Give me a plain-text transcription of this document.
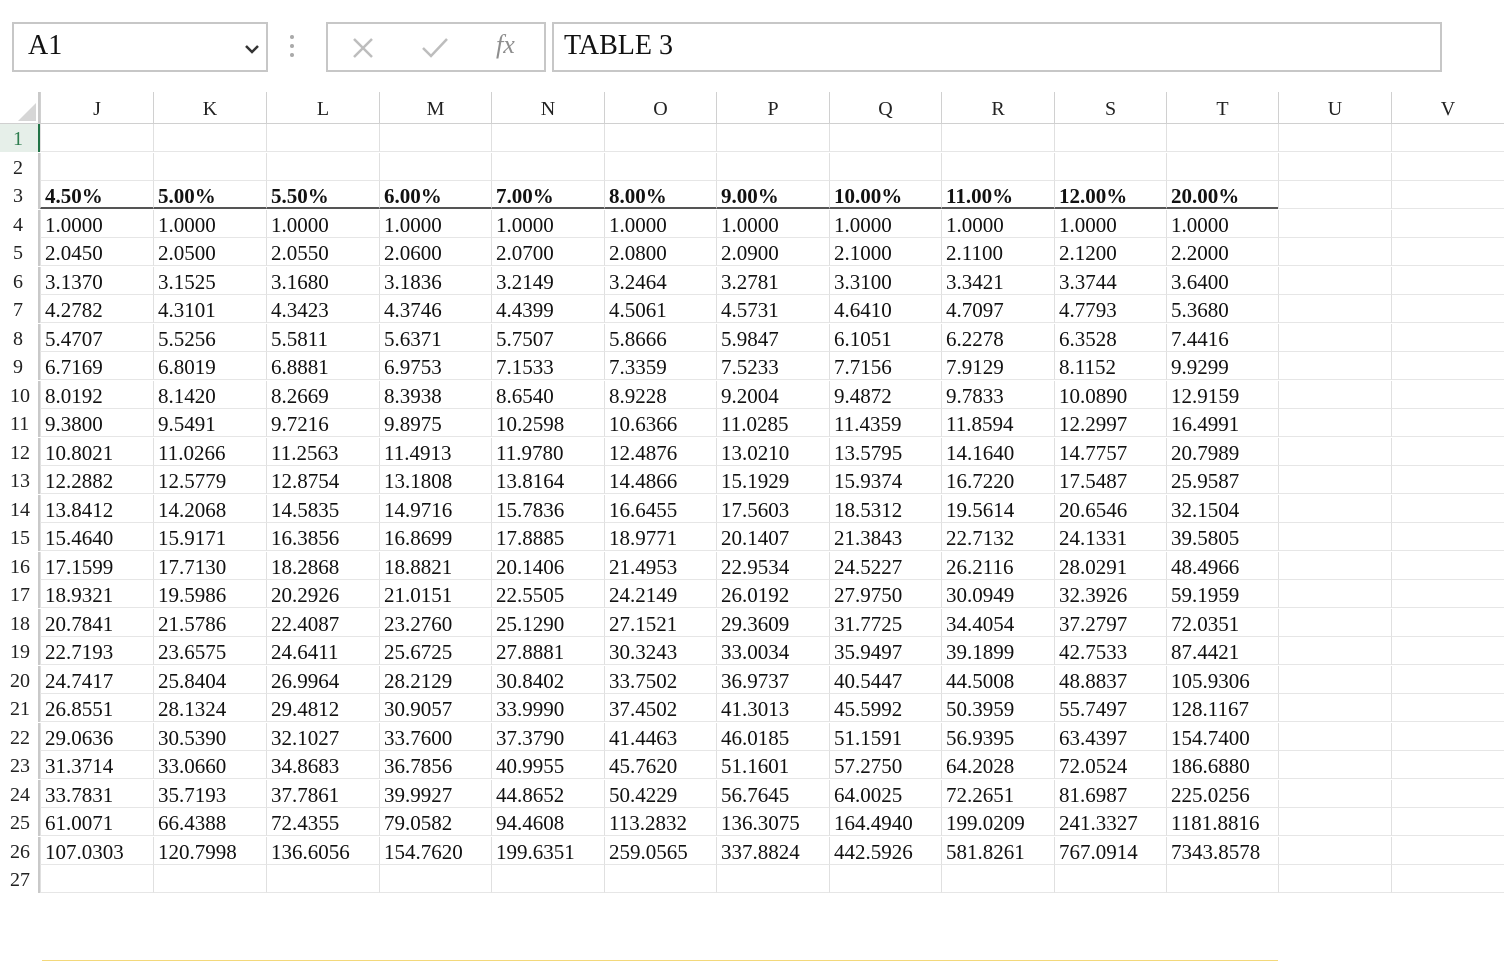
A1	fx TABLE 3
J	K	L	M	N	O	P	Q	R	S	T	U	V
1
2
3	4.50%	5.00%	5.50%	6.00%	7.00%	8.00%	9.00%	10.00%	11.00%	12.00%	20.00%
4	1.0000	1.0000	1.0000	1.0000	1.0000	1.0000	1.0000	1.0000	1.0000	1.0000	1.0000
5	2.0450	2.0500	2.0550	2.0600	2.0700	2.0800	2.0900	2.1000	2.1100	2.1200	2.2000
6	3.1370	3.1525	3.1680	3.1836	3.2149	3.2464	3.2781	3.3100	3.3421	3.3744	3.6400
7	4.2782	4.3101	4.3423	4.3746	4.4399	4.5061	4.5731	4.6410	4.7097	4.7793	5.3680
8	5.4707	5.5256	5.5811	5.6371	5.7507	5.8666	5.9847	6.1051	6.2278	6.3528	7.4416
9	6.7169	6.8019	6.8881	6.9753	7.1533	7.3359	7.5233	7.7156	7.9129	8.1152	9.9299
10 8.0192	8.1420	8.2669	8.3938	8.6540	8.9228	9.2004	9.4872	9.7833	10.0890	12.9159
11 9.3800	9.5491	9.7216	9.8975	10.2598	10.6366	11.0285	11.4359	11.8594	12.2997	16.4991
12 10.8021	11.0266	11.2563	11.4913	11.9780	12.4876	13.0210	13.5795	14.1640	14.7757	20.7989
13 12.2882	12.5779	12.8754	13.1808	13.8164	14.4866	15.1929	15.9374	16.7220	17.5487	25.9587
14 13.8412	14.2068	14.5835	14.9716	15.7836	16.6455	17.5603	18.5312	19.5614	20.6546	32.1504
15 15.4640	15.9171	16.3856	16.8699	17.8885	18.9771	20.1407	21.3843	22.7132	24.1331	39.5805
16 17.1599	17.7130	18.2868	18.8821	20.1406	21.4953	22.9534	24.5227	26.2116	28.0291	48.4966
17 18.9321	19.5986	20.2926	21.0151	22.5505	24.2149	26.0192	27.9750	30.0949	32.3926	59.1959
18 20.7841	21.5786	22.4087	23.2760	25.1290	27.1521	29.3609	31.7725	34.4054	37.2797	72.0351
19 22.7193	23.6575	24.6411	25.6725	27.8881	30.3243	33.0034	35.9497	39.1899	42.7533	87.4421
20 24.7417	25.8404	26.9964	28.2129	30.8402	33.7502	36.9737	40.5447	44.5008	48.8837	105.9306
21 26.8551	28.1324	29.4812	30.9057	33.9990	37.4502	41.3013	45.5992	50.3959	55.7497	128.1167
22 29.0636	30.5390	32.1027	33.7600	37.3790	41.4463	46.0185	51.1591	56.9395	63.4397	154.7400
23 31.3714	33.0660	34.8683	36.7856	40.9955	45.7620	51.1601	57.2750	64.2028	72.0524	186.6880
24 33.7831	35.7193	37.7861	39.9927	44.8652	50.4229	56.7645	64.0025	72.2651	81.6987	225.0256
25 61.0071	66.4388	72.4355	79.0582	94.4608	113.2832	136.3075	164.4940	199.0209	241.3327	1181.8816
26 107.0303	120.7998	136.6056	154.7620	199.6351	259.0565	337.8824	442.5926	581.8261	767.0914	7343.8578
27
